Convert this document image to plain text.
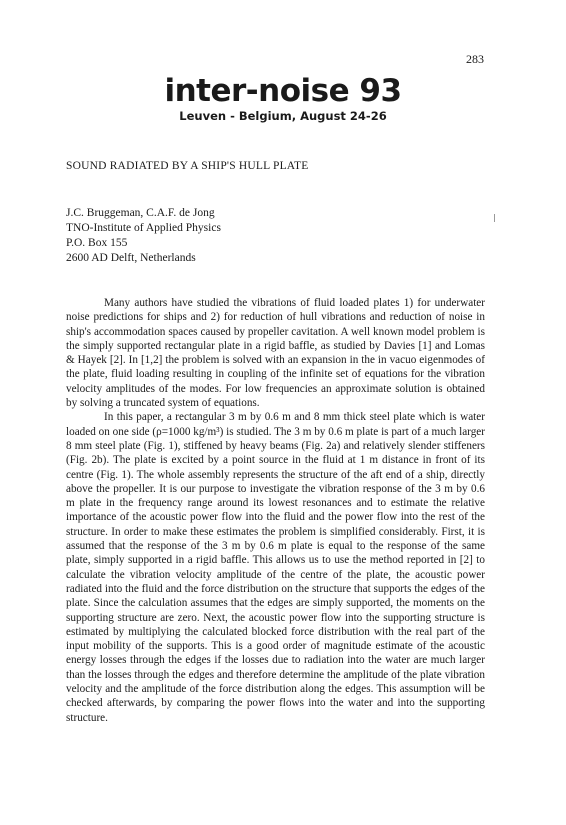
283
inter-noise 93
Leuven - Belgium, August 24-26
SOUND RADIATED BY A SHIP'S HULL PLATE
J.C. Bruggeman, C.A.F. de Jong
TNO-Institute of Applied Physics
P.O. Box 155
2600 AD Delft, Netherlands

Many authors have studied the vibrations of fluid loaded plates 1) for underwater noise predictions for ships and 2) for reduction of hull vibrations and reduction of noise in ship's accommodation spaces caused by propeller cavitation. A well known model problem is the simply supported rectangular plate in a rigid baffle, as studied by Davies [1] and Lomas & Hayek [2]. In [1,2] the problem is solved with an expansion in the in vacuo eigenmodes of the plate, fluid loading resulting in coupling of the infinite set of equations for the vibration velocity amplitudes of the modes. For low frequencies an approximate solution is obtained by solving a truncated system of equations.

In this paper, a rectangular 3 m by 0.6 m and 8 mm thick steel plate which is water loaded on one side (ρ=1000 kg/m³) is studied. The 3 m by 0.6 m plate is part of a much larger 8 mm steel plate (Fig. 1), stiffened by heavy beams (Fig. 2a) and relatively slender stiffeners (Fig. 2b). The plate is excited by a point source in the fluid at 1 m distance in front of its centre (Fig. 1). The whole assembly represents the structure of the aft end of a ship, directly above the propeller. It is our purpose to investigate the vibration response of the 3 m by 0.6 m plate in the frequency range around its lowest resonances and to estimate the relative importance of the acoustic power flow into the fluid and the power flow into the rest of the structure. In order to make these estimates the problem is simplified considerably. First, it is assumed that the response of the 3 m by 0.6 m plate is equal to the response of the same plate, simply supported in a rigid baffle. This allows us to use the method reported in [2] to calculate the vibration velocity amplitude of the centre of the plate, the acoustic power radiated into the fluid and the force distribution on the structure that supports the edges of the plate. Since the calculation assumes that the edges are simply supported, the moments on the supporting structure are zero. Next, the acoustic power flow into the supporting structure is estimated by multiplying the calculated blocked force distribution with the real part of the input mobility of the supports. This is a good order of magnitude estimate of the acoustic energy losses through the edges if the losses due to radiation into the water are much larger than the losses through the edges and therefore determine the amplitude of the plate vibration velocity and the amplitude of the force distribution along the edges. This assumption will be checked afterwards, by comparing the power flows into the water and into the supporting structure.
